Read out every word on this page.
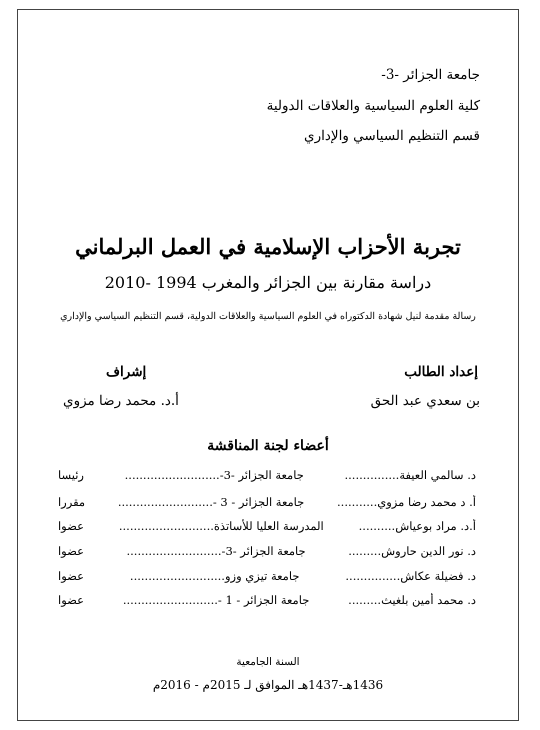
جامعة الجزائر -3-
كلية العلوم السياسية والعلاقات الدولية
قسم التنظيم السياسي والإداري
تجربة الأحزاب الإسلامية في العمل البرلماني
دراسة مقارنة بين الجزائر والمغرب 1994 -2010
رسالة مقدمة لنيل شهادة الدكتوراه في العلوم السياسية والعلاقات الدولية، قسم التنظيم السياسي والإداري
إعداد الطالب
بن سعدي عبد الحق
إشراف
أ.د. محمد رضا مزوي
أعضاء لجنة المناقشة
د. سالمي العيفة
...............
جامعة الجزائر -3-
..........................
رئيسا
أ. د محمد رضا مزوي
...........
جامعة الجزائر - 3 -
..........................
مقررا
أ.د. مراد بوعياش
..........
المدرسة العليا للأساتذة
..........................
عضوا
د. نور الدين حاروش
.........
جامعة الجزائر -3-
..........................
عضوا
د. فضيلة عكاش
...............
جامعة تيزي وزو
..........................
عضوا
د. محمد أمين بلغيث
.........
جامعة الجزائر - 1 -
..........................
عضوا
السنة الجامعية
1436هـ-1437هـ الموافق لـ 2015م - 2016م
